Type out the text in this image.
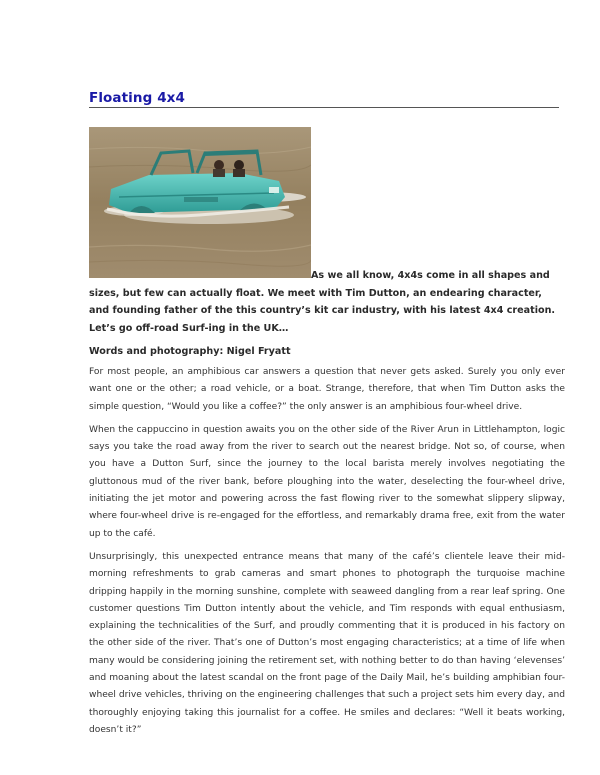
Floating 4x4

As we all know, 4x4s come in all shapes and sizes, but few can actually float. We meet with Tim Dutton, an endearing character, and founding father of the this country’s kit car industry, with his latest 4x4 creation. Let’s go off-road Surf-ing in the UK…

Words and photography: Nigel Fryatt

For most people, an amphibious car answers a question that never gets asked. Surely you only ever want one or the other; a road vehicle, or a boat. Strange, therefore, that when Tim Dutton asks the simple question, “Would you like a coffee?” the only answer is an amphibious four-wheel drive.

When the cappuccino in question awaits you on the other side of the River Arun in Littlehampton, logic says you take the road away from the river to search out the nearest bridge. Not so, of course, when you have a Dutton Surf, since the journey to the local barista merely involves negotiating the gluttonous mud of the river bank, before ploughing into the water, deselecting the four-wheel drive, initiating the jet motor and powering across the fast flowing river to the somewhat slippery slipway, where four-wheel drive is re-engaged for the effortless, and remarkably drama free, exit from the water up to the café.

Unsurprisingly, this unexpected entrance means that many of the café’s clientele leave their mid-morning refreshments to grab cameras and smart phones to photograph the turquoise machine dripping happily in the morning sunshine, complete with seaweed dangling from a rear leaf spring. One customer questions Tim Dutton intently about the vehicle, and Tim responds with equal enthusiasm, explaining the technicalities of the Surf, and proudly commenting that it is produced in his factory on the other side of the river. That’s one of Dutton’s most engaging characteristics; at a time of life when many would be considering joining the retirement set, with nothing better to do than having ‘elevenses’ and moaning about the latest scandal on the front page of the Daily Mail, he’s building amphibian four-wheel drive vehicles, thriving on the engineering challenges that such a project sets him every day, and thoroughly enjoying taking this journalist for a coffee. He smiles and declares: “Well it beats working, doesn’t it?”
